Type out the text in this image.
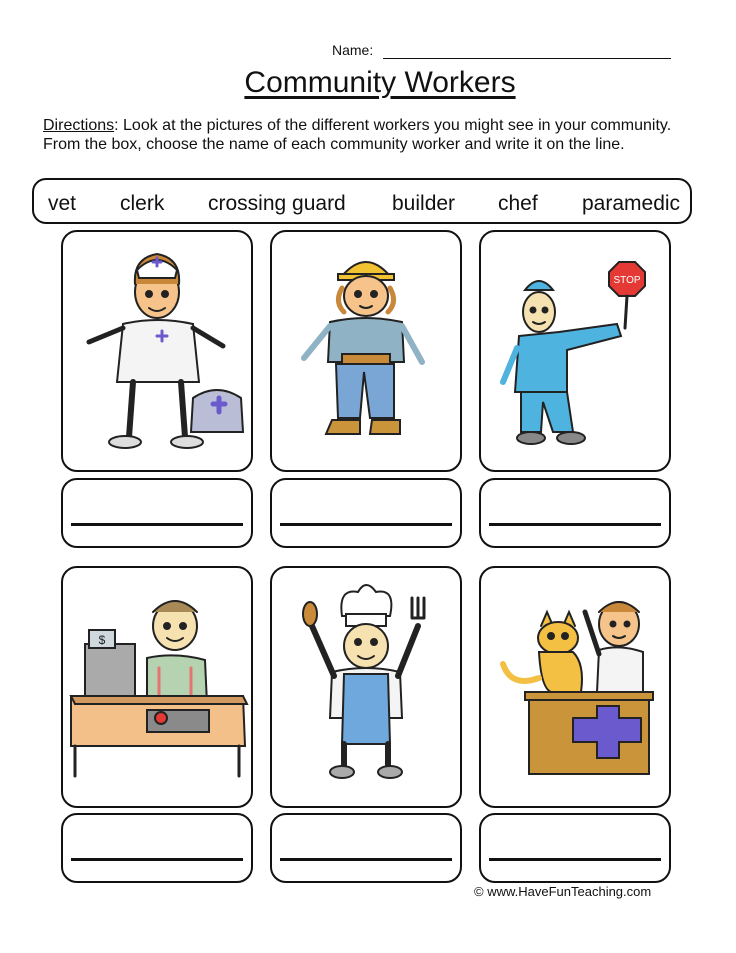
Name:
Community Workers
Directions: Look at the pictures of the different workers you might see in your community. From the box, choose the name of each community worker and write it on the line.
vet clerk crossing guard builder chef paramedic
STOP
$
© www.HaveFunTeaching.com
